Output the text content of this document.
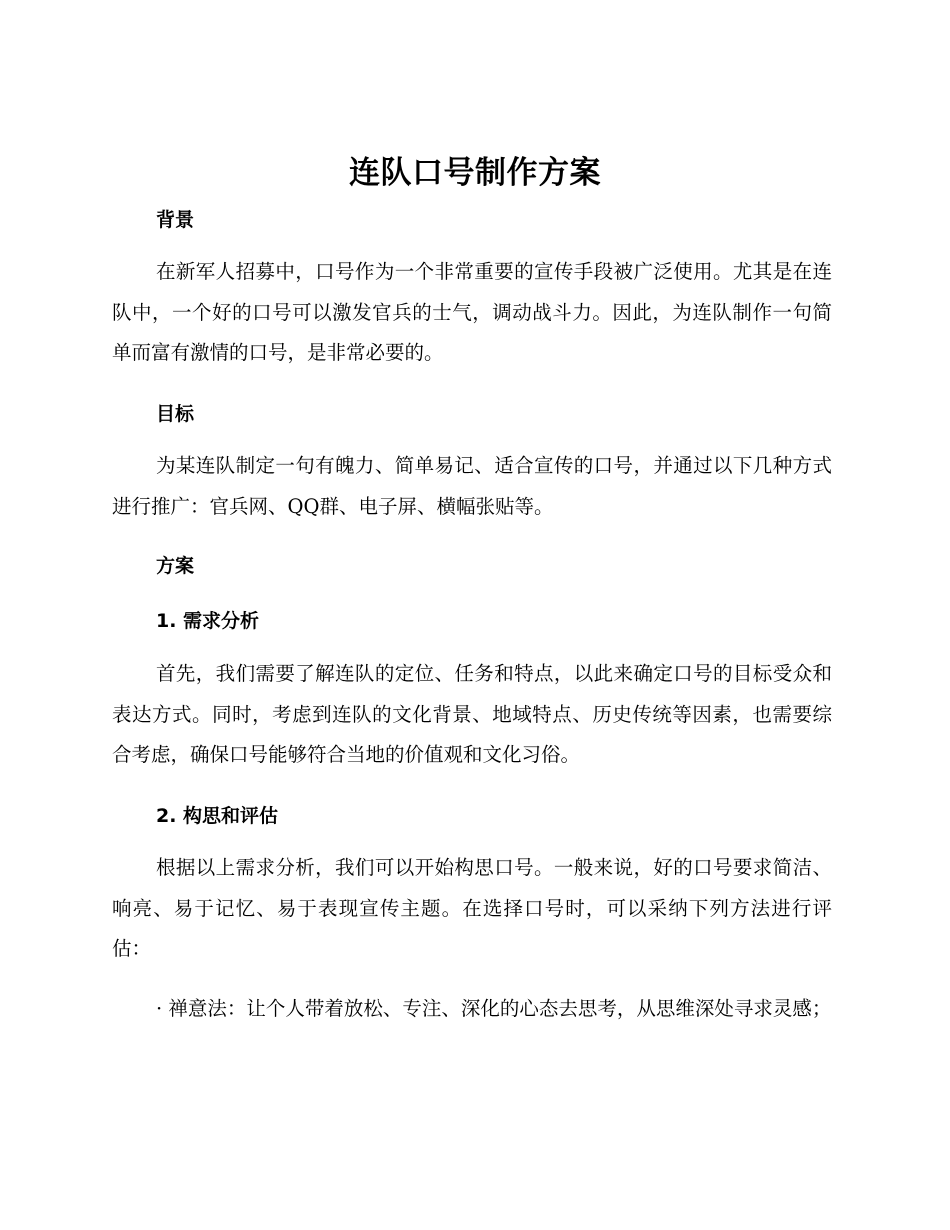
连队口号制作方案
背景

在新军人招募中，口号作为一个非常重要的宣传手段被广泛使用。尤其是在连队中，一个好的口号可以激发官兵的士气，调动战斗力。因此，为连队制作一句简单而富有激情的口号，是非常必要的。

目标

为某连队制定一句有魄力、简单易记、适合宣传的口号，并通过以下几种方式进行推广：官兵网、QQ群、电子屏、横幅张贴等。

方案
1. 需求分析

首先，我们需要了解连队的定位、任务和特点，以此来确定口号的目标受众和表达方式。同时，考虑到连队的文化背景、地域特点、历史传统等因素，也需要综合考虑，确保口号能够符合当地的价值观和文化习俗。

2. 构思和评估

根据以上需求分析，我们可以开始构思口号。一般来说，好的口号要求简洁、响亮、易于记忆、易于表现宣传主题。在选择口号时，可以采纳下列方法进行评估：

· 禅意法：让个人带着放松、专注、深化的心态去思考，从思维深处寻求灵感；
